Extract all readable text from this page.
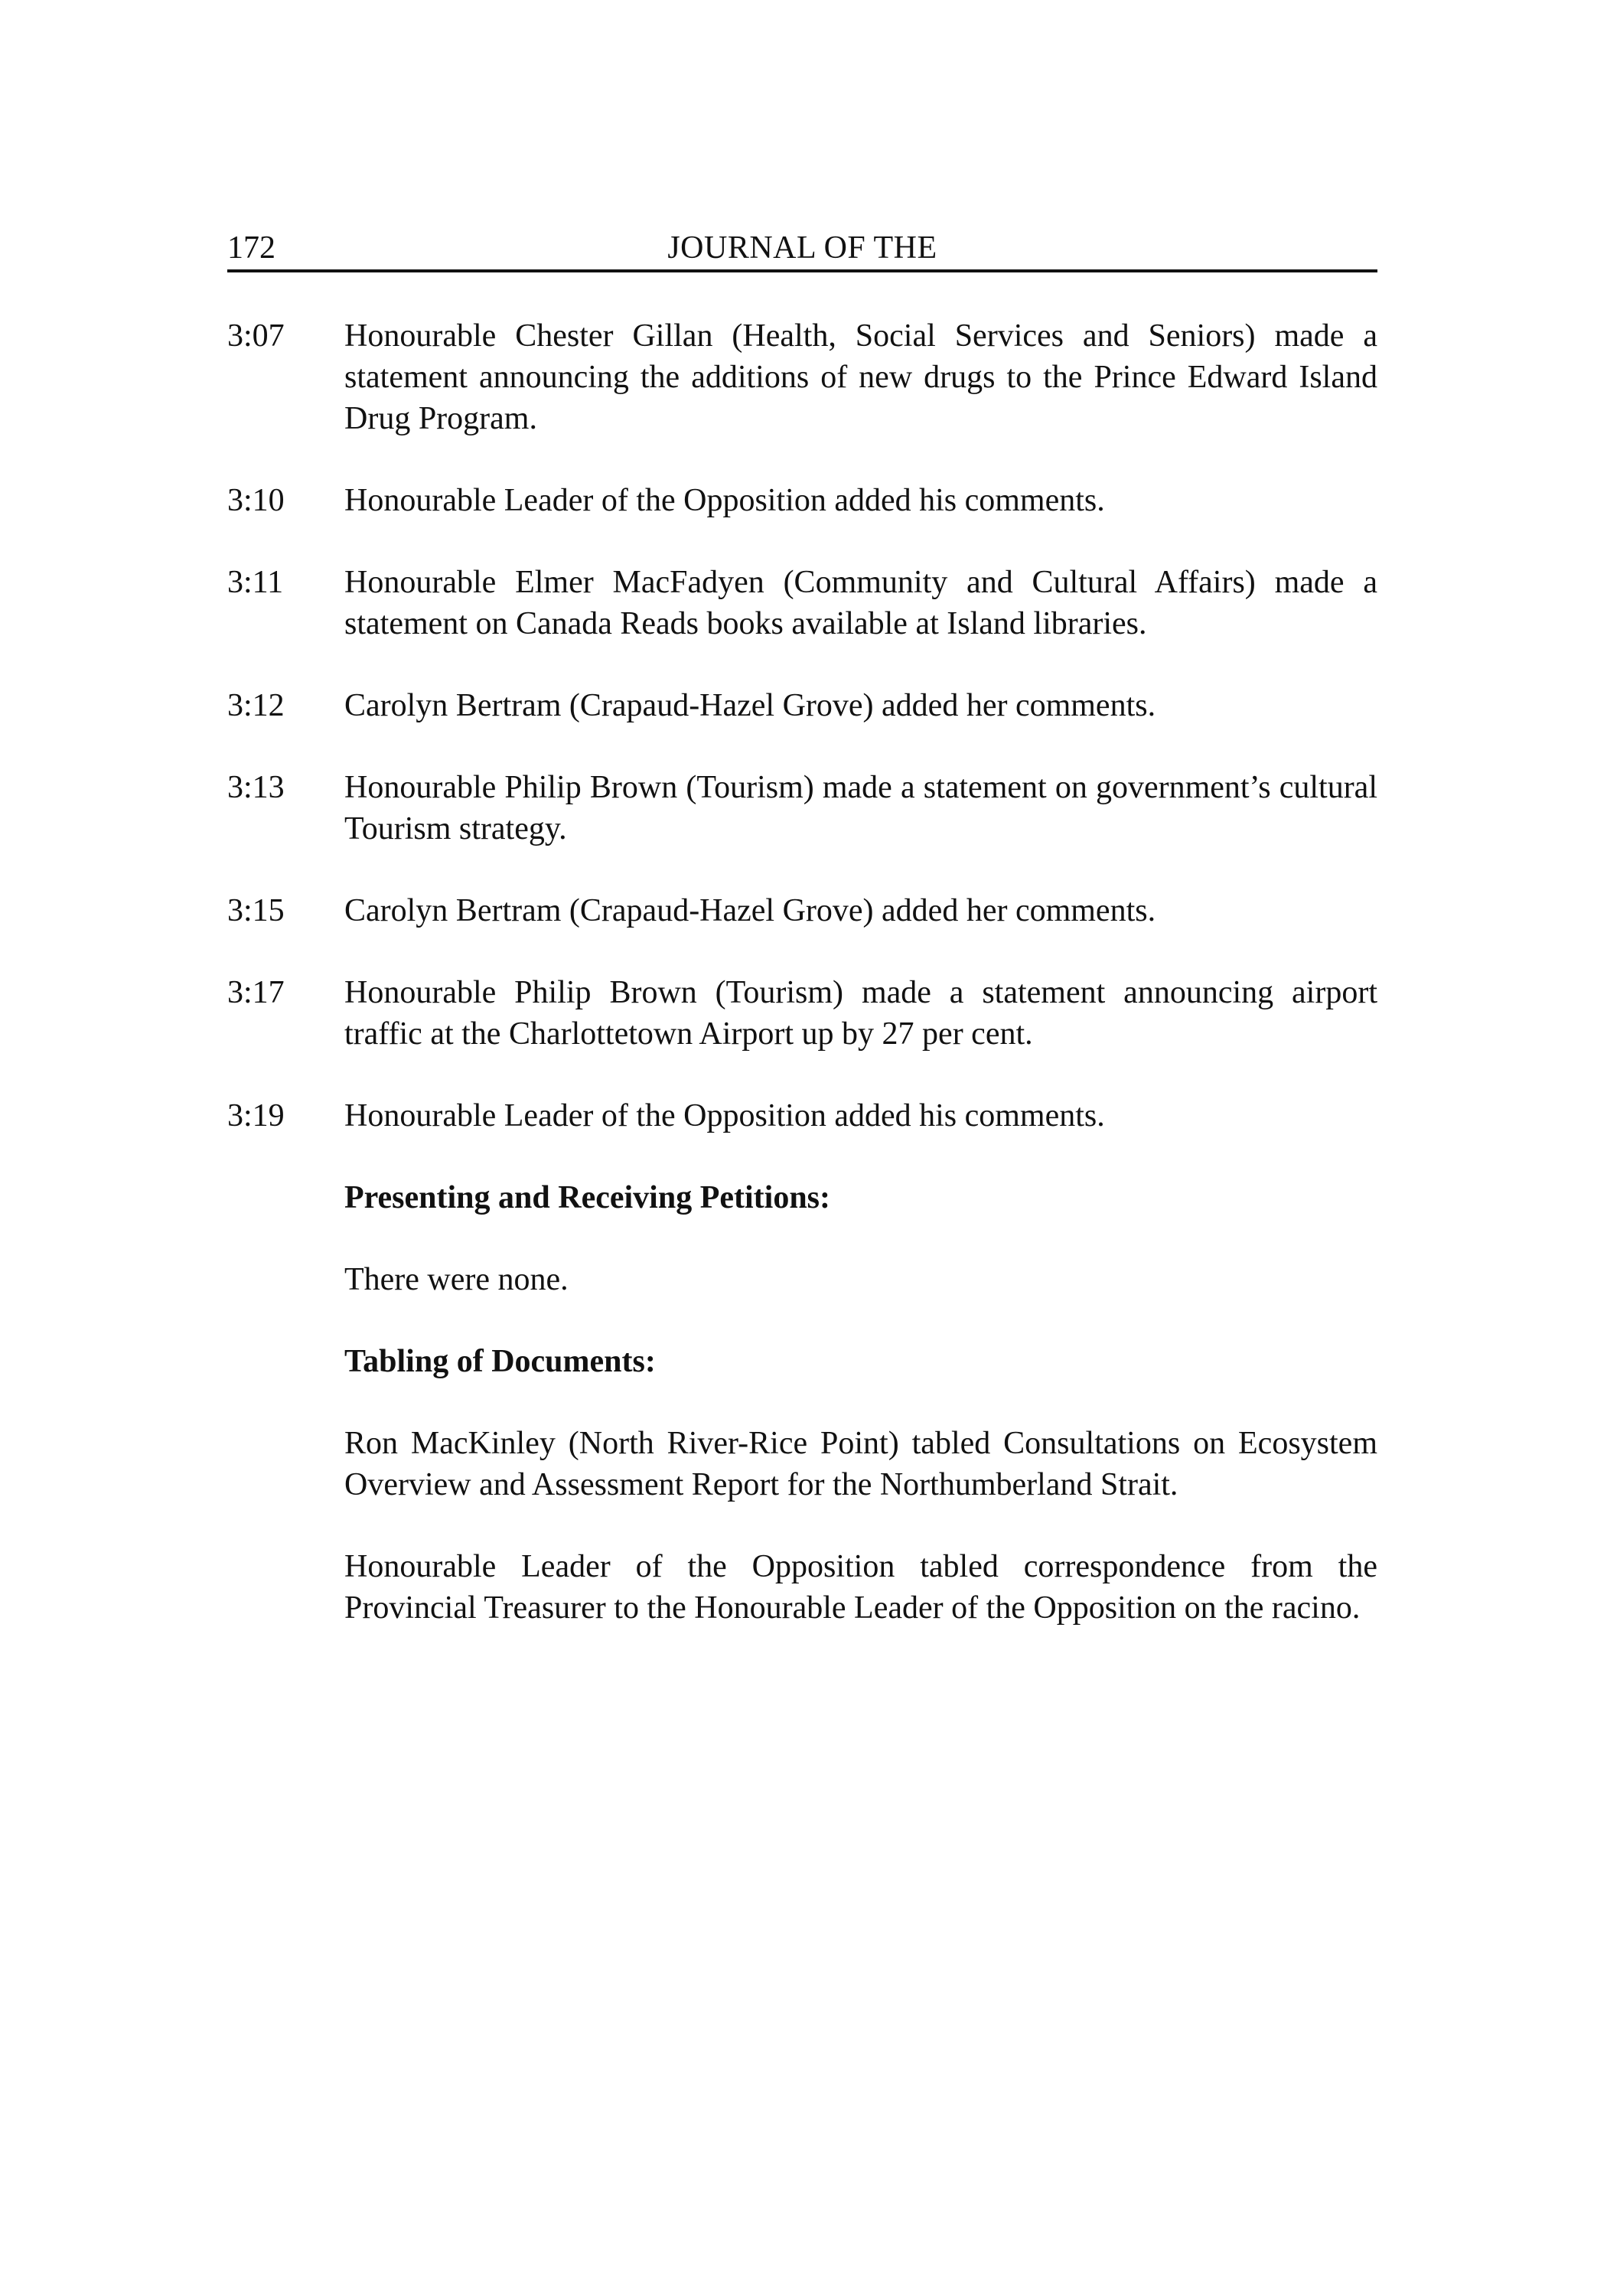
172	JOURNAL OF THE
3:07	Honourable Chester Gillan (Health, Social Services and Seniors) made a statement announcing the additions of new drugs to the Prince Edward Island Drug Program.
3:10	Honourable Leader of the Opposition added his comments.
3:11	Honourable Elmer MacFadyen (Community and Cultural Affairs) made a statement on Canada Reads books available at Island libraries.
3:12	Carolyn Bertram (Crapaud-Hazel Grove) added her comments.
3:13	Honourable Philip Brown (Tourism) made a statement on government’s cultural Tourism strategy.
3:15	Carolyn Bertram (Crapaud-Hazel Grove) added her comments.
3:17	Honourable Philip Brown (Tourism) made a statement announcing airport traffic at the Charlottetown Airport up by 27 per cent.
3:19	Honourable Leader of the Opposition added his comments.
Presenting and Receiving Petitions:
There were none.
Tabling of Documents:
Ron MacKinley (North River-Rice Point) tabled Consultations on Ecosystem Overview and Assessment Report for the Northumberland Strait.
Honourable Leader of the Opposition tabled correspondence from the Provincial Treasurer to the Honourable Leader of the Opposition on the racino.
